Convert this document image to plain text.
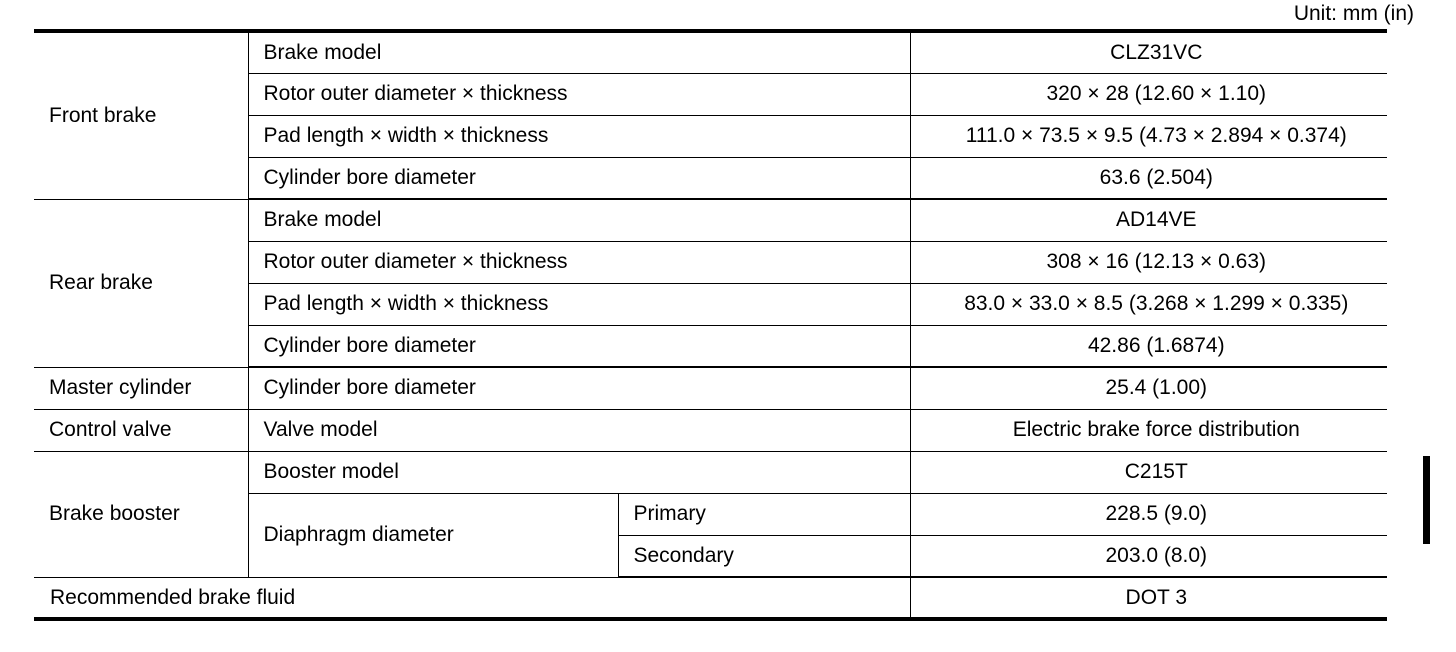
Unit: mm (in)
Front brake	Brake model		CLZ31VC
	Rotor outer diameter × thickness		320 × 28 (12.60 × 1.10)
	Pad length × width × thickness		111.0 × 73.5 × 9.5 (4.73 × 2.894 × 0.374)
	Cylinder bore diameter		63.6 (2.504)
Rear brake	Brake model		AD14VE
	Rotor outer diameter × thickness		308 × 16 (12.13 × 0.63)
	Pad length × width × thickness		83.0 × 33.0 × 8.5 (3.268 × 1.299 × 0.335)
	Cylinder bore diameter		42.86 (1.6874)
Master cylinder	Cylinder bore diameter		25.4 (1.00)
Control valve	Valve model		Electric brake force distribution
Brake booster	Booster model		C215T
	Diaphragm diameter	Primary	228.5 (9.0)
		Secondary	203.0 (8.0)
Recommended brake fluid			DOT 3
